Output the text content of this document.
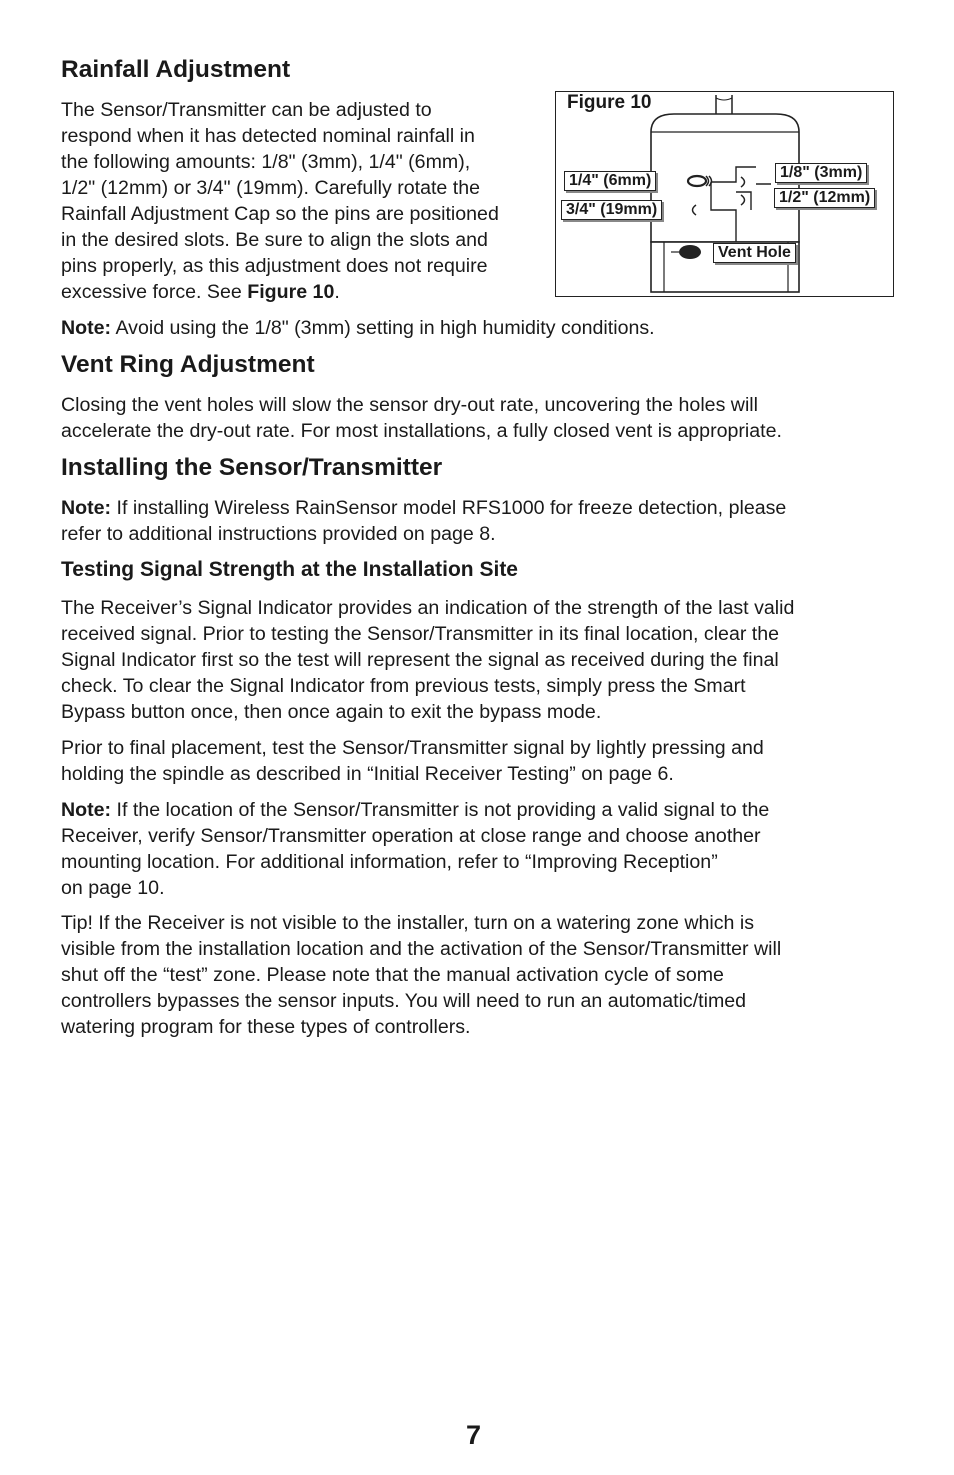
Rainfall Adjustment

The Sensor/Transmitter can be adjusted to

respond when it has detected nominal rainfall in

the following amounts: 1/8" (3mm), 1/4" (6mm),

1/2" (12mm) or 3/4" (19mm). Carefully rotate the

Rainfall Adjustment Cap so the pins are positioned

in the desired slots. Be sure to align the slots and

pins properly, as this adjustment does not require

excessive force. See Figure 10.

Figure 10
1/4" (6mm)
3/4" (19mm)
1/8" (3mm)
1/2" (12mm)
Vent Hole

Note: Avoid using the 1/8" (3mm) setting in high humidity conditions.

Vent Ring Adjustment

Closing the vent holes will slow the sensor dry-out rate, uncovering the holes will

accelerate the dry-out rate. For most installations, a fully closed vent is appropriate.

Installing the Sensor/Transmitter

Note: If installing Wireless RainSensor model RFS1000 for freeze detection, please

refer to additional instructions provided on page 8.

Testing Signal Strength at the Installation Site

The Receiver’s Signal Indicator provides an indication of the strength of the last valid

received signal. Prior to testing the Sensor/Transmitter in its final location, clear the

Signal Indicator first so the test will represent the signal as received during the final

check. To clear the Signal Indicator from previous tests, simply press the Smart

Bypass button once, then once again to exit the bypass mode.

Prior to final placement, test the Sensor/Transmitter signal by lightly pressing and

holding the spindle as described in “Initial Receiver Testing” on page 6.

Note: If the location of the Sensor/Transmitter is not providing a valid signal to the

Receiver, verify Sensor/Transmitter operation at close range and choose another

mounting location. For additional information, refer to “Improving Reception”

on page 10.

Tip! If the Receiver is not visible to the installer, turn on a watering zone which is

visible from the installation location and the activation of the Sensor/Transmitter will

shut off the “test” zone. Please note that the manual activation cycle of some

controllers bypasses the sensor inputs. You will need to run an automatic/timed

watering program for these types of controllers.

7
